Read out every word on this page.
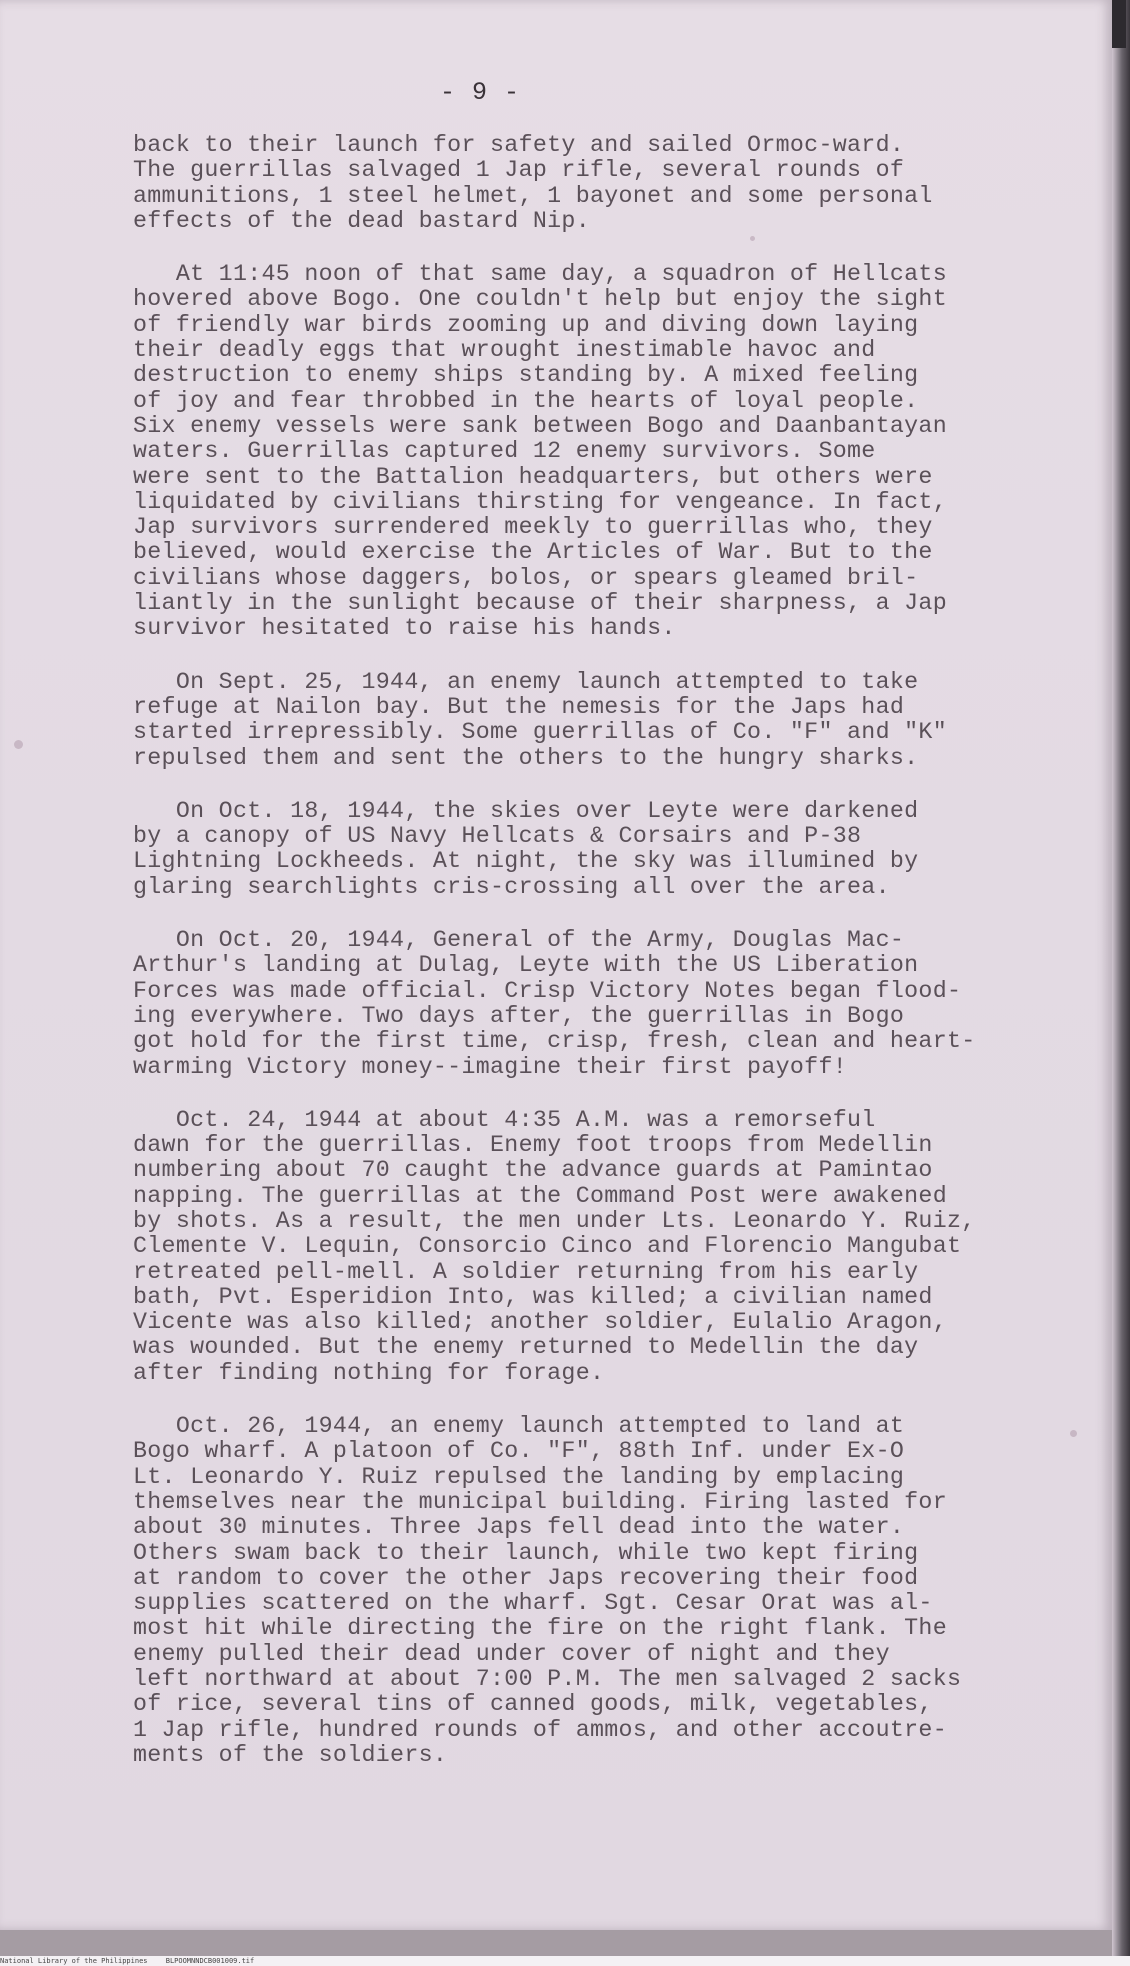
- 9 -
back to their launch for safety and sailed Ormoc-ward.
The guerrillas salvaged 1 Jap rifle, several rounds of
ammunitions, 1 steel helmet, 1 bayonet and some personal
effects of the dead bastard Nip.
At 11:45 noon of that same day, a squadron of Hellcats
hovered above Bogo. One couldn't help but enjoy the sight
of friendly war birds zooming up and diving down laying
their deadly eggs that wrought inestimable havoc and
destruction to enemy ships standing by. A mixed feeling
of joy and fear throbbed in the hearts of loyal people.
Six enemy vessels were sank between Bogo and Daanbantayan
waters. Guerrillas captured 12 enemy survivors. Some
were sent to the Battalion headquarters, but others were
liquidated by civilians thirsting for vengeance. In fact,
Jap survivors surrendered meekly to guerrillas who, they
believed, would exercise the Articles of War. But to the
civilians whose daggers, bolos, or spears gleamed bril-
liantly in the sunlight because of their sharpness, a Jap
survivor hesitated to raise his hands.
On Sept. 25, 1944, an enemy launch attempted to take
refuge at Nailon bay. But the nemesis for the Japs had
started irrepressibly. Some guerrillas of Co. "F" and "K"
repulsed them and sent the others to the hungry sharks.
On Oct. 18, 1944, the skies over Leyte were darkened
by a canopy of US Navy Hellcats & Corsairs and P-38
Lightning Lockheeds. At night, the sky was illumined by
glaring searchlights cris-crossing all over the area.
On Oct. 20, 1944, General of the Army, Douglas Mac-
Arthur's landing at Dulag, Leyte with the US Liberation
Forces was made official. Crisp Victory Notes began flood-
ing everywhere. Two days after, the guerrillas in Bogo
got hold for the first time, crisp, fresh, clean and heart-
warming Victory money--imagine their first payoff!
Oct. 24, 1944 at about 4:35 A.M. was a remorseful
dawn for the guerrillas. Enemy foot troops from Medellin
numbering about 70 caught the advance guards at Pamintao
napping. The guerrillas at the Command Post were awakened
by shots. As a result, the men under Lts. Leonardo Y. Ruiz,
Clemente V. Lequin, Consorcio Cinco and Florencio Mangubat
retreated pell-mell. A soldier returning from his early
bath, Pvt. Esperidion Into, was killed; a civilian named
Vicente was also killed; another soldier, Eulalio Aragon,
was wounded. But the enemy returned to Medellin the day
after finding nothing for forage.
Oct. 26, 1944, an enemy launch attempted to land at
Bogo wharf. A platoon of Co. "F", 88th Inf. under Ex-O
Lt. Leonardo Y. Ruiz repulsed the landing by emplacing
themselves near the municipal building. Firing lasted for
about 30 minutes. Three Japs fell dead into the water.
Others swam back to their launch, while two kept firing
at random to cover the other Japs recovering their food
supplies scattered on the wharf. Sgt. Cesar Orat was al-
most hit while directing the fire on the right flank. The
enemy pulled their dead under cover of night and they
left northward at about 7:00 P.M. The men salvaged 2 sacks
of rice, several tins of canned goods, milk, vegetables,
1 Jap rifle, hundred rounds of ammos, and other accoutre-
ments of the soldiers.
National Library of the Philippines	BLPOOMNNDCB001009.tif
